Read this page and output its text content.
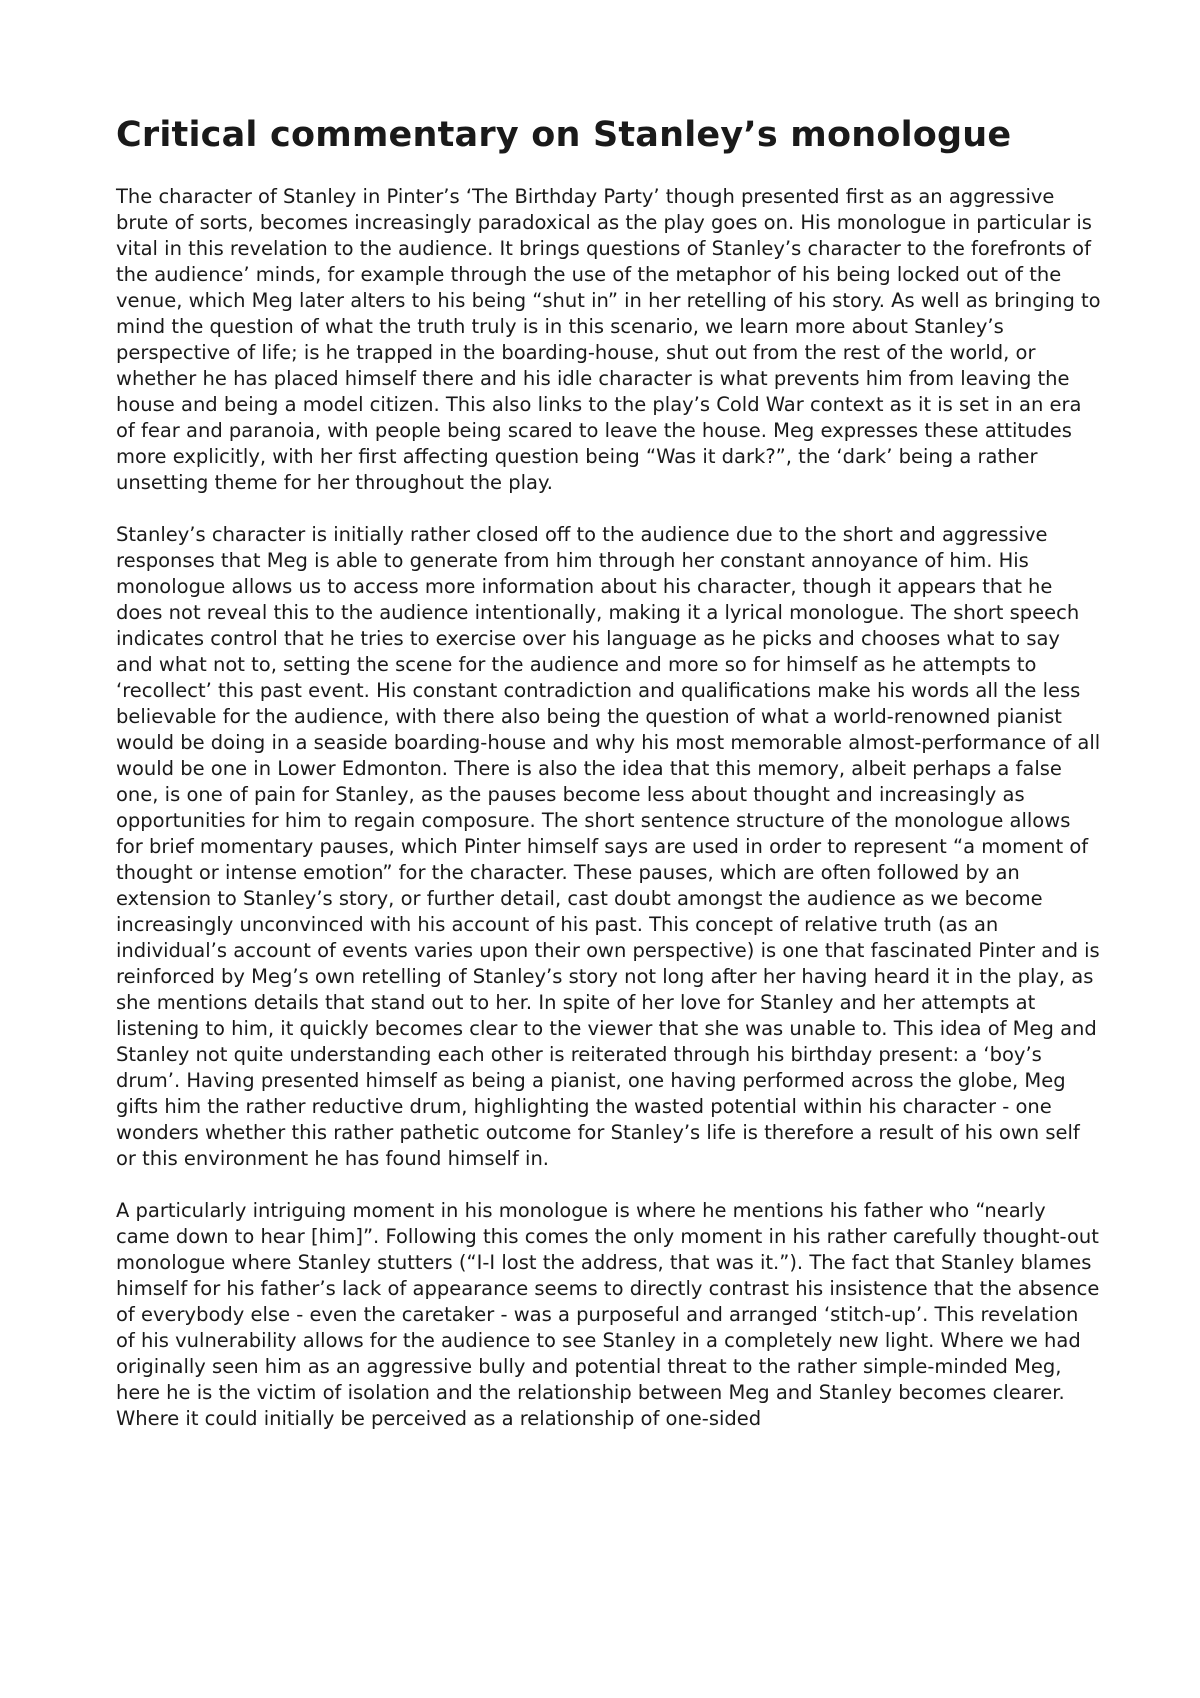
Critical commentary on Stanley’s monologue

The character of Stanley in Pinter’s ‘The Birthday Party’ though presented first as an aggressive brute of sorts, becomes increasingly paradoxical as the play goes on. His monologue in particular is vital in this revelation to the audience. It brings questions of Stanley’s character to the forefronts of the audience’ minds, for example through the use of the metaphor of his being locked out of the venue, which Meg later alters to his being “shut in” in her retelling of his story. As well as bringing to mind the question of what the truth truly is in this scenario, we learn more about Stanley’s perspective of life; is he trapped in the boarding-house, shut out from the rest of the world, or whether he has placed himself there and his idle character is what prevents him from leaving the house and being a model citizen. This also links to the play’s Cold War context as it is set in an era of fear and paranoia, with people being scared to leave the house. Meg expresses these attitudes more explicitly, with her first affecting question being “Was it dark?”, the ‘dark’ being a rather unsetting theme for her throughout the play.

Stanley’s character is initially rather closed off to the audience due to the short and aggressive responses that Meg is able to generate from him through her constant annoyance of him. His monologue allows us to access more information about his character, though it appears that he does not reveal this to the audience intentionally, making it a lyrical monologue. The short speech indicates control that he tries to exercise over his language as he picks and chooses what to say and what not to, setting the scene for the audience and more so for himself as he attempts to ‘recollect’ this past event. His constant contradiction and qualifications make his words all the less believable for the audience, with there also being the question of what a world-renowned pianist would be doing in a seaside boarding-house and why his most memorable almost-performance of all would be one in Lower Edmonton. There is also the idea that this memory, albeit perhaps a false one, is one of pain for Stanley, as the pauses become less about thought and increasingly as opportunities for him to regain composure. The short sentence structure of the monologue allows for brief momentary pauses, which Pinter himself says are used in order to represent “a moment of thought or intense emotion” for the character. These pauses, which are often followed by an extension to Stanley’s story, or further detail, cast doubt amongst the audience as we become increasingly unconvinced with his account of his past. This concept of relative truth (as an individual’s account of events varies upon their own perspective) is one that fascinated Pinter and is reinforced by Meg’s own retelling of Stanley’s story not long after her having heard it in the play, as she mentions details that stand out to her. In spite of her love for Stanley and her attempts at listening to him, it quickly becomes clear to the viewer that she was unable to. This idea of Meg and Stanley not quite understanding each other is reiterated through his birthday present: a ‘boy’s drum’. Having presented himself as being a pianist, one having performed across the globe, Meg gifts him the rather reductive drum, highlighting the wasted potential within his character - one wonders whether this rather pathetic outcome for Stanley’s life is therefore a result of his own self or this environment he has found himself in.

A particularly intriguing moment in his monologue is where he mentions his father who “nearly came down to hear [him]”. Following this comes the only moment in his rather carefully thought-out monologue where Stanley stutters (“I-I lost the address, that was it.”). The fact that Stanley blames himself for his father’s lack of appearance seems to directly contrast his insistence that the absence of everybody else - even the caretaker - was a purposeful and arranged ‘stitch-up’. This revelation of his vulnerability allows for the audience to see Stanley in a completely new light. Where we had originally seen him as an aggressive bully and potential threat to the rather simple-minded Meg, here he is the victim of isolation and the relationship between Meg and Stanley becomes clearer. Where it could initially be perceived as a relationship of one-sided
